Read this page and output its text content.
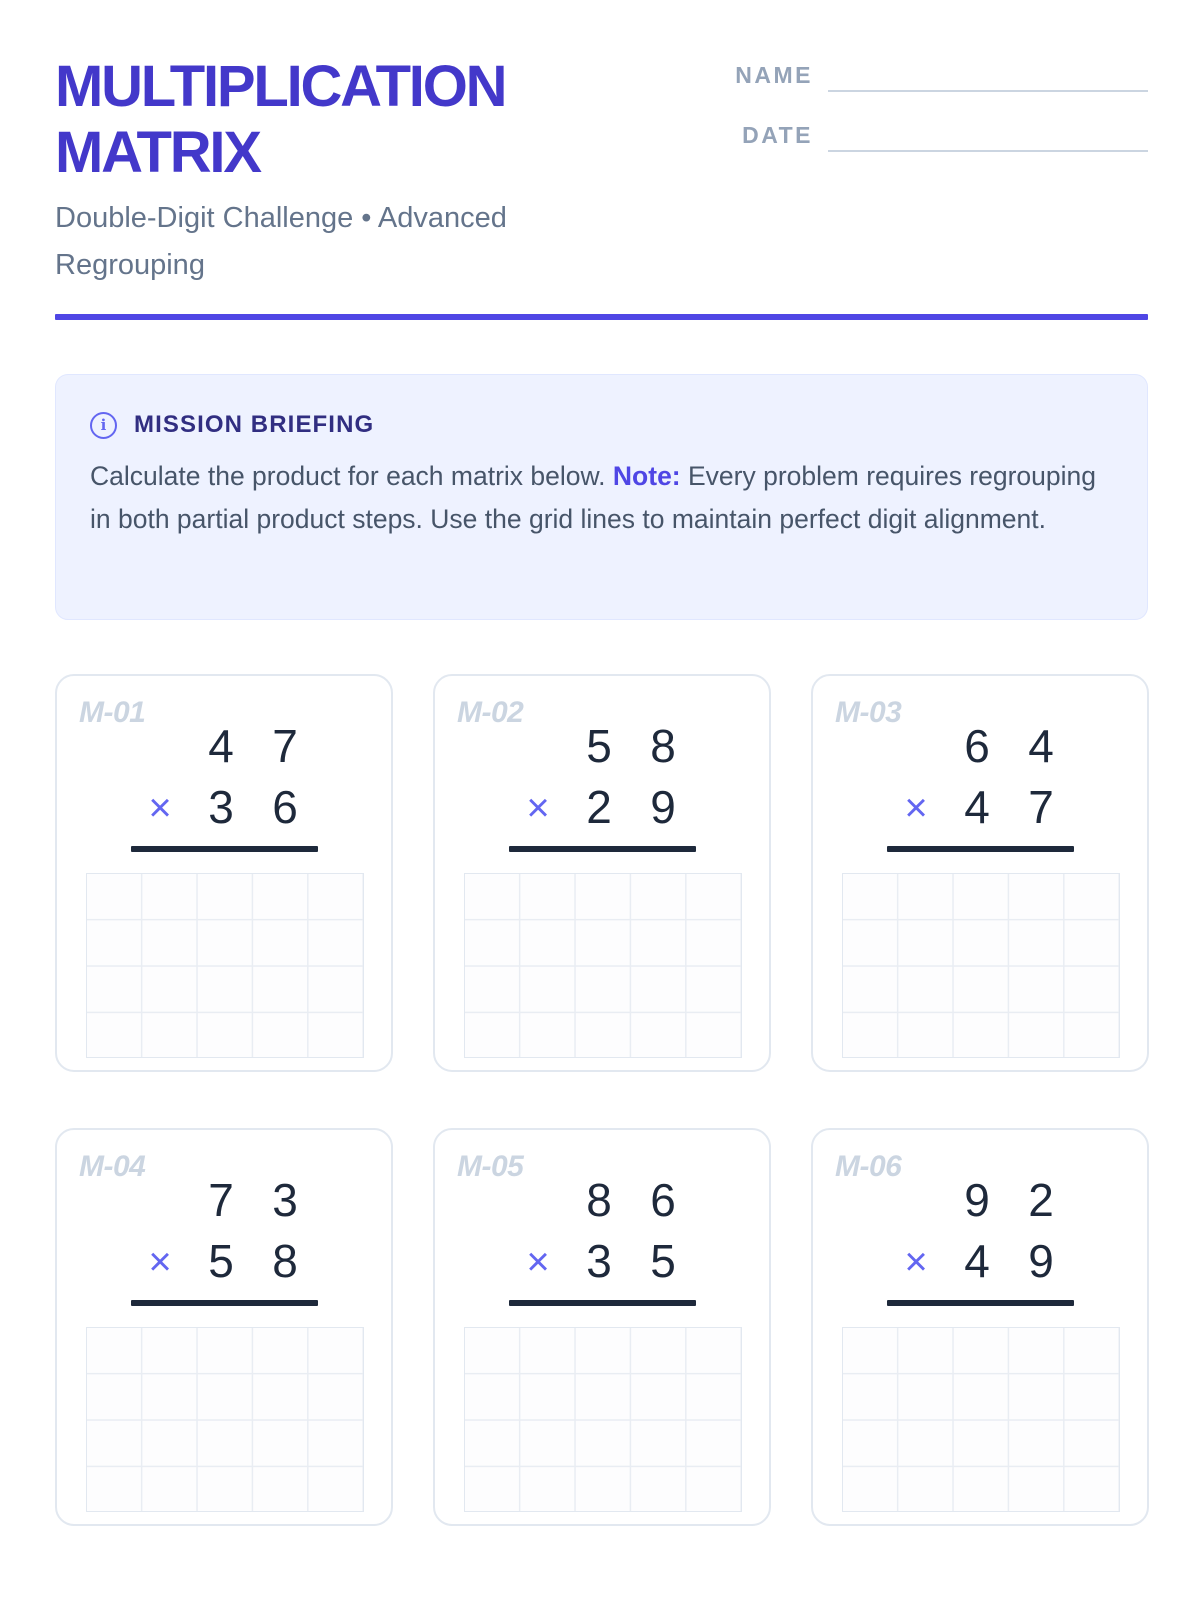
MULTIPLICATION
MATRIX
Double-Digit Challenge • Advanced Regrouping
NAME
DATE
i	MISSION BRIEFING
Calculate the product for each matrix below. Note: Every problem requires regrouping in both partial product steps. Use the grid lines to maintain perfect digit alignment.
M-01
4 7
3 6
×
M-02
5 8
2 9
×
M-03
6 4
4 7
×
M-04
7 3
5 8
×
M-05
8 6
3 5
×
M-06
9 2
4 9
×
